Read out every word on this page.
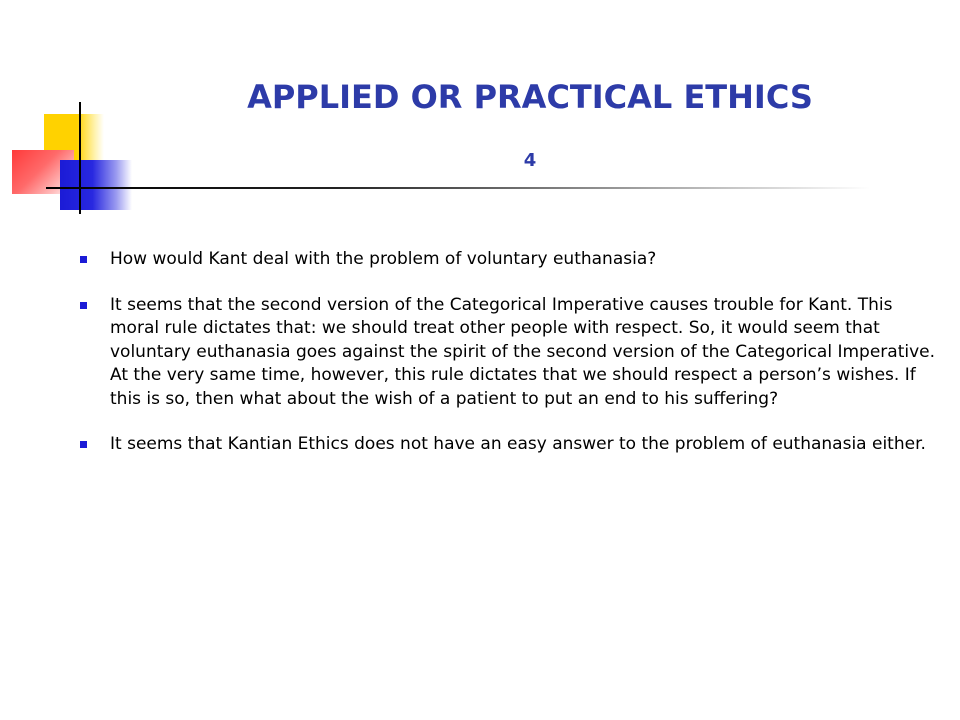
APPLIED OR PRACTICAL ETHICS
4
How would Kant deal with the problem of voluntary euthanasia?
It seems that the second version of the Categorical Imperative causes trouble for Kant. This moral rule dictates that: we should treat other people with respect. So, it would seem that voluntary euthanasia goes against the spirit of the second version of the Categorical Imperative. At the very same time, however, this rule dictates that we should respect a person’s wishes. If this is so, then what about the wish of a patient to put an end to his suffering?
It seems that Kantian Ethics does not have an easy answer to the problem of euthanasia either.
